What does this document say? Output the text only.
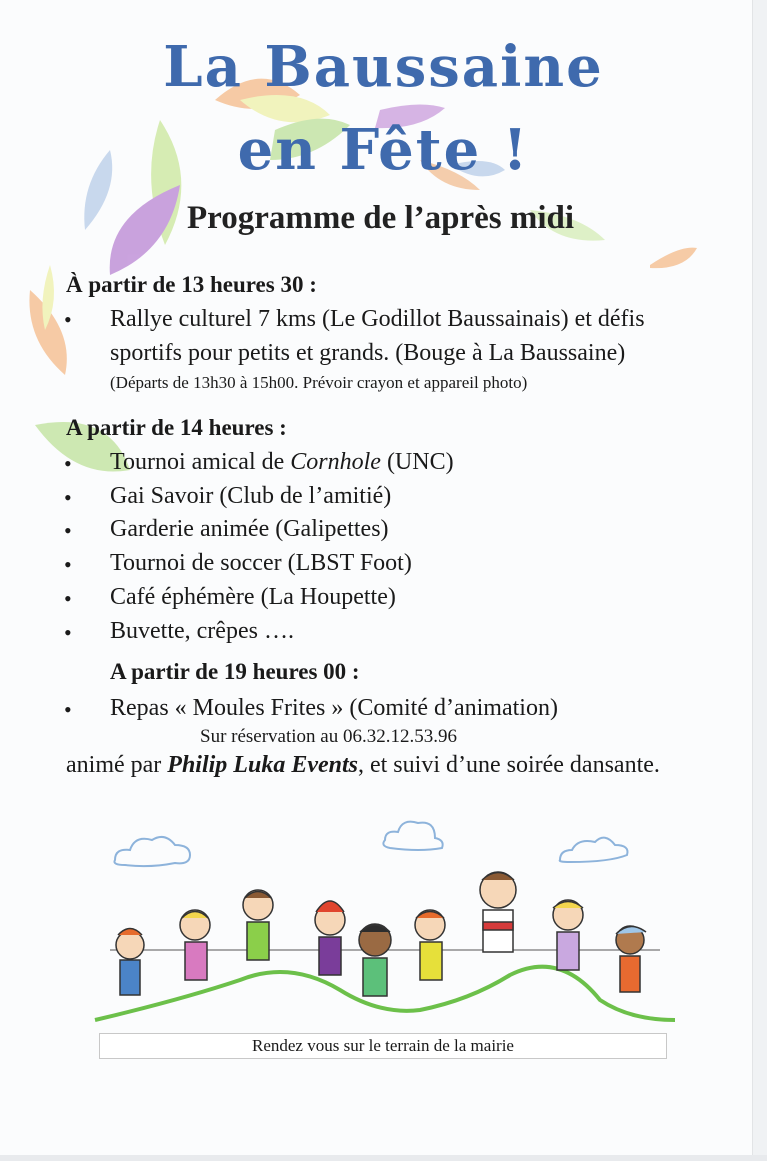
La Baussaine
en Fête !
Programme de l’après midi
À partir de 13 heures 30 :
• Rallye culturel 7 kms (Le Godillot Baussainais) et défis
sportifs pour petits et grands. (Bouge à La Baussaine)
(Départs de 13h30 à 15h00. Prévoir crayon et appareil photo)
A partir de 14 heures :
• Tournoi amical de Cornhole (UNC)
• Gai Savoir (Club de l’amitié)
• Garderie animée (Galipettes)
• Tournoi de soccer (LBST Foot)
• Café éphémère (La Houpette)
• Buvette, crêpes ….
A partir de 19 heures 00 :
• Repas « Moules Frites » (Comité d’animation)
Sur réservation au 06.32.12.53.96
animé par Philip Luka Events, et suivi d’une soirée dansante.
Rendez vous sur le terrain de la mairie
